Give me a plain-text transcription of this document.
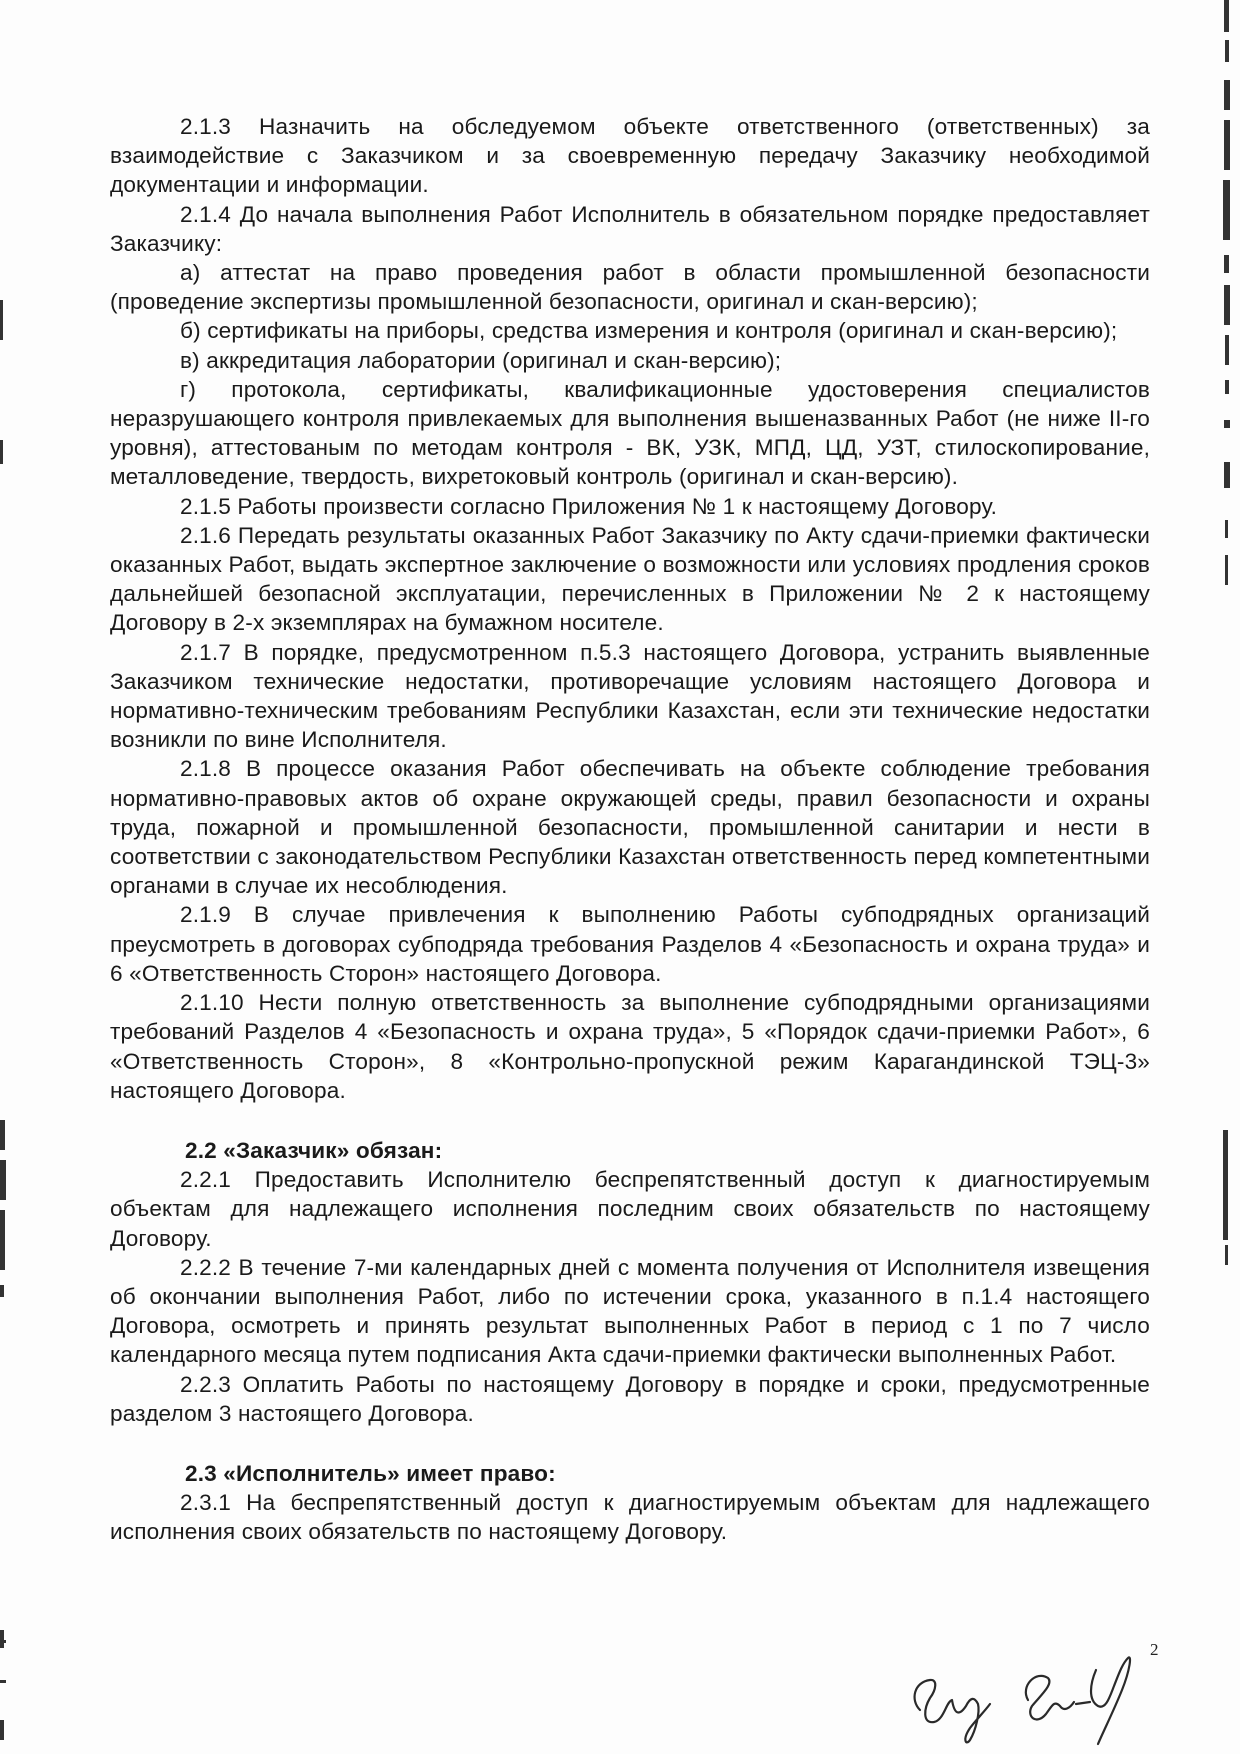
2.1.3 Назначить на обследуемом объекте ответственного (ответственных) за взаимодействие с Заказчиком и за своевременную передачу Заказчику необходимой документации и информации.

2.1.4 До начала выполнения Работ Исполнитель в обязательном порядке предоставляет Заказчику:

а) аттестат на право проведения работ в области промышленной безопасности (проведение экспертизы промышленной безопасности, оригинал и скан-версию);

б) сертификаты на приборы, средства измерения и контроля (оригинал и скан-версию);

в) аккредитация лаборатории (оригинал и скан-версию);

г) протокола, сертификаты, квалификационные удостоверения специалистов неразрушающего контроля привлекаемых для выполнения вышеназванных Работ (не ниже II-го уровня), аттестованым по методам контроля - ВК, УЗК, МПД, ЦД, УЗТ, стилоскопирование, металловедение, твердость, вихретоковый контроль (оригинал и скан-версию).

2.1.5 Работы произвести согласно Приложения № 1 к настоящему Договору.

2.1.6 Передать результаты оказанных Работ Заказчику по Акту сдачи-приемки фактически оказанных Работ, выдать экспертное заключение о возможности или условиях продления сроков дальнейшей безопасной эксплуатации, перечисленных в Приложении № 2 к настоящему Договору в 2-х экземплярах на бумажном носителе.

2.1.7 В порядке, предусмотренном п.5.3 настоящего Договора, устранить выявленные Заказчиком технические недостатки, противоречащие условиям настоящего Договора и нормативно-техническим требованиям Республики Казахстан, если эти технические недостатки возникли по вине Исполнителя.

2.1.8 В процессе оказания Работ обеспечивать на объекте соблюдение требования нормативно-правовых актов об охране окружающей среды, правил безопасности и охраны труда, пожарной и промышленной безопасности, промышленной санитарии и нести в соответствии с законодательством Республики Казахстан ответственность перед компетентными органами в случае их несоблюдения.

2.1.9 В случае привлечения к выполнению Работы субподрядных организаций преусмотреть в договорах субподряда требования Разделов 4 «Безопасность и охрана труда» и 6 «Ответственность Сторон» настоящего Договора.

2.1.10 Нести полную ответственность за выполнение субподрядными организациями требований Разделов 4 «Безопасность и охрана труда», 5 «Порядок сдачи-приемки Работ», 6 «Ответственность Сторон», 8 «Контрольно-пропускной режим Карагандинской ТЭЦ-3» настоящего Договора.

2.2 «Заказчик» обязан:

2.2.1 Предоставить Исполнителю беспрепятственный доступ к диагностируемым объектам для надлежащего исполнения последним своих обязательств по настоящему Договору.

2.2.2 В течение 7-ми календарных дней с момента получения от Исполнителя извещения об окончании выполнения Работ, либо по истечении срока, указанного в п.1.4 настоящего Договора, осмотреть и принять результат выполненных Работ в период с 1 по 7 число календарного месяца путем подписания Акта сдачи-приемки фактически выполненных Работ.

2.2.3 Оплатить Работы по настоящему Договору в порядке и сроки, предусмотренные разделом 3 настоящего Договора.

2.3 «Исполнитель» имеет право:

2.3.1 На беспрепятственный доступ к диагностируемым объектам для надлежащего исполнения своих обязательств по настоящему Договору.

2
